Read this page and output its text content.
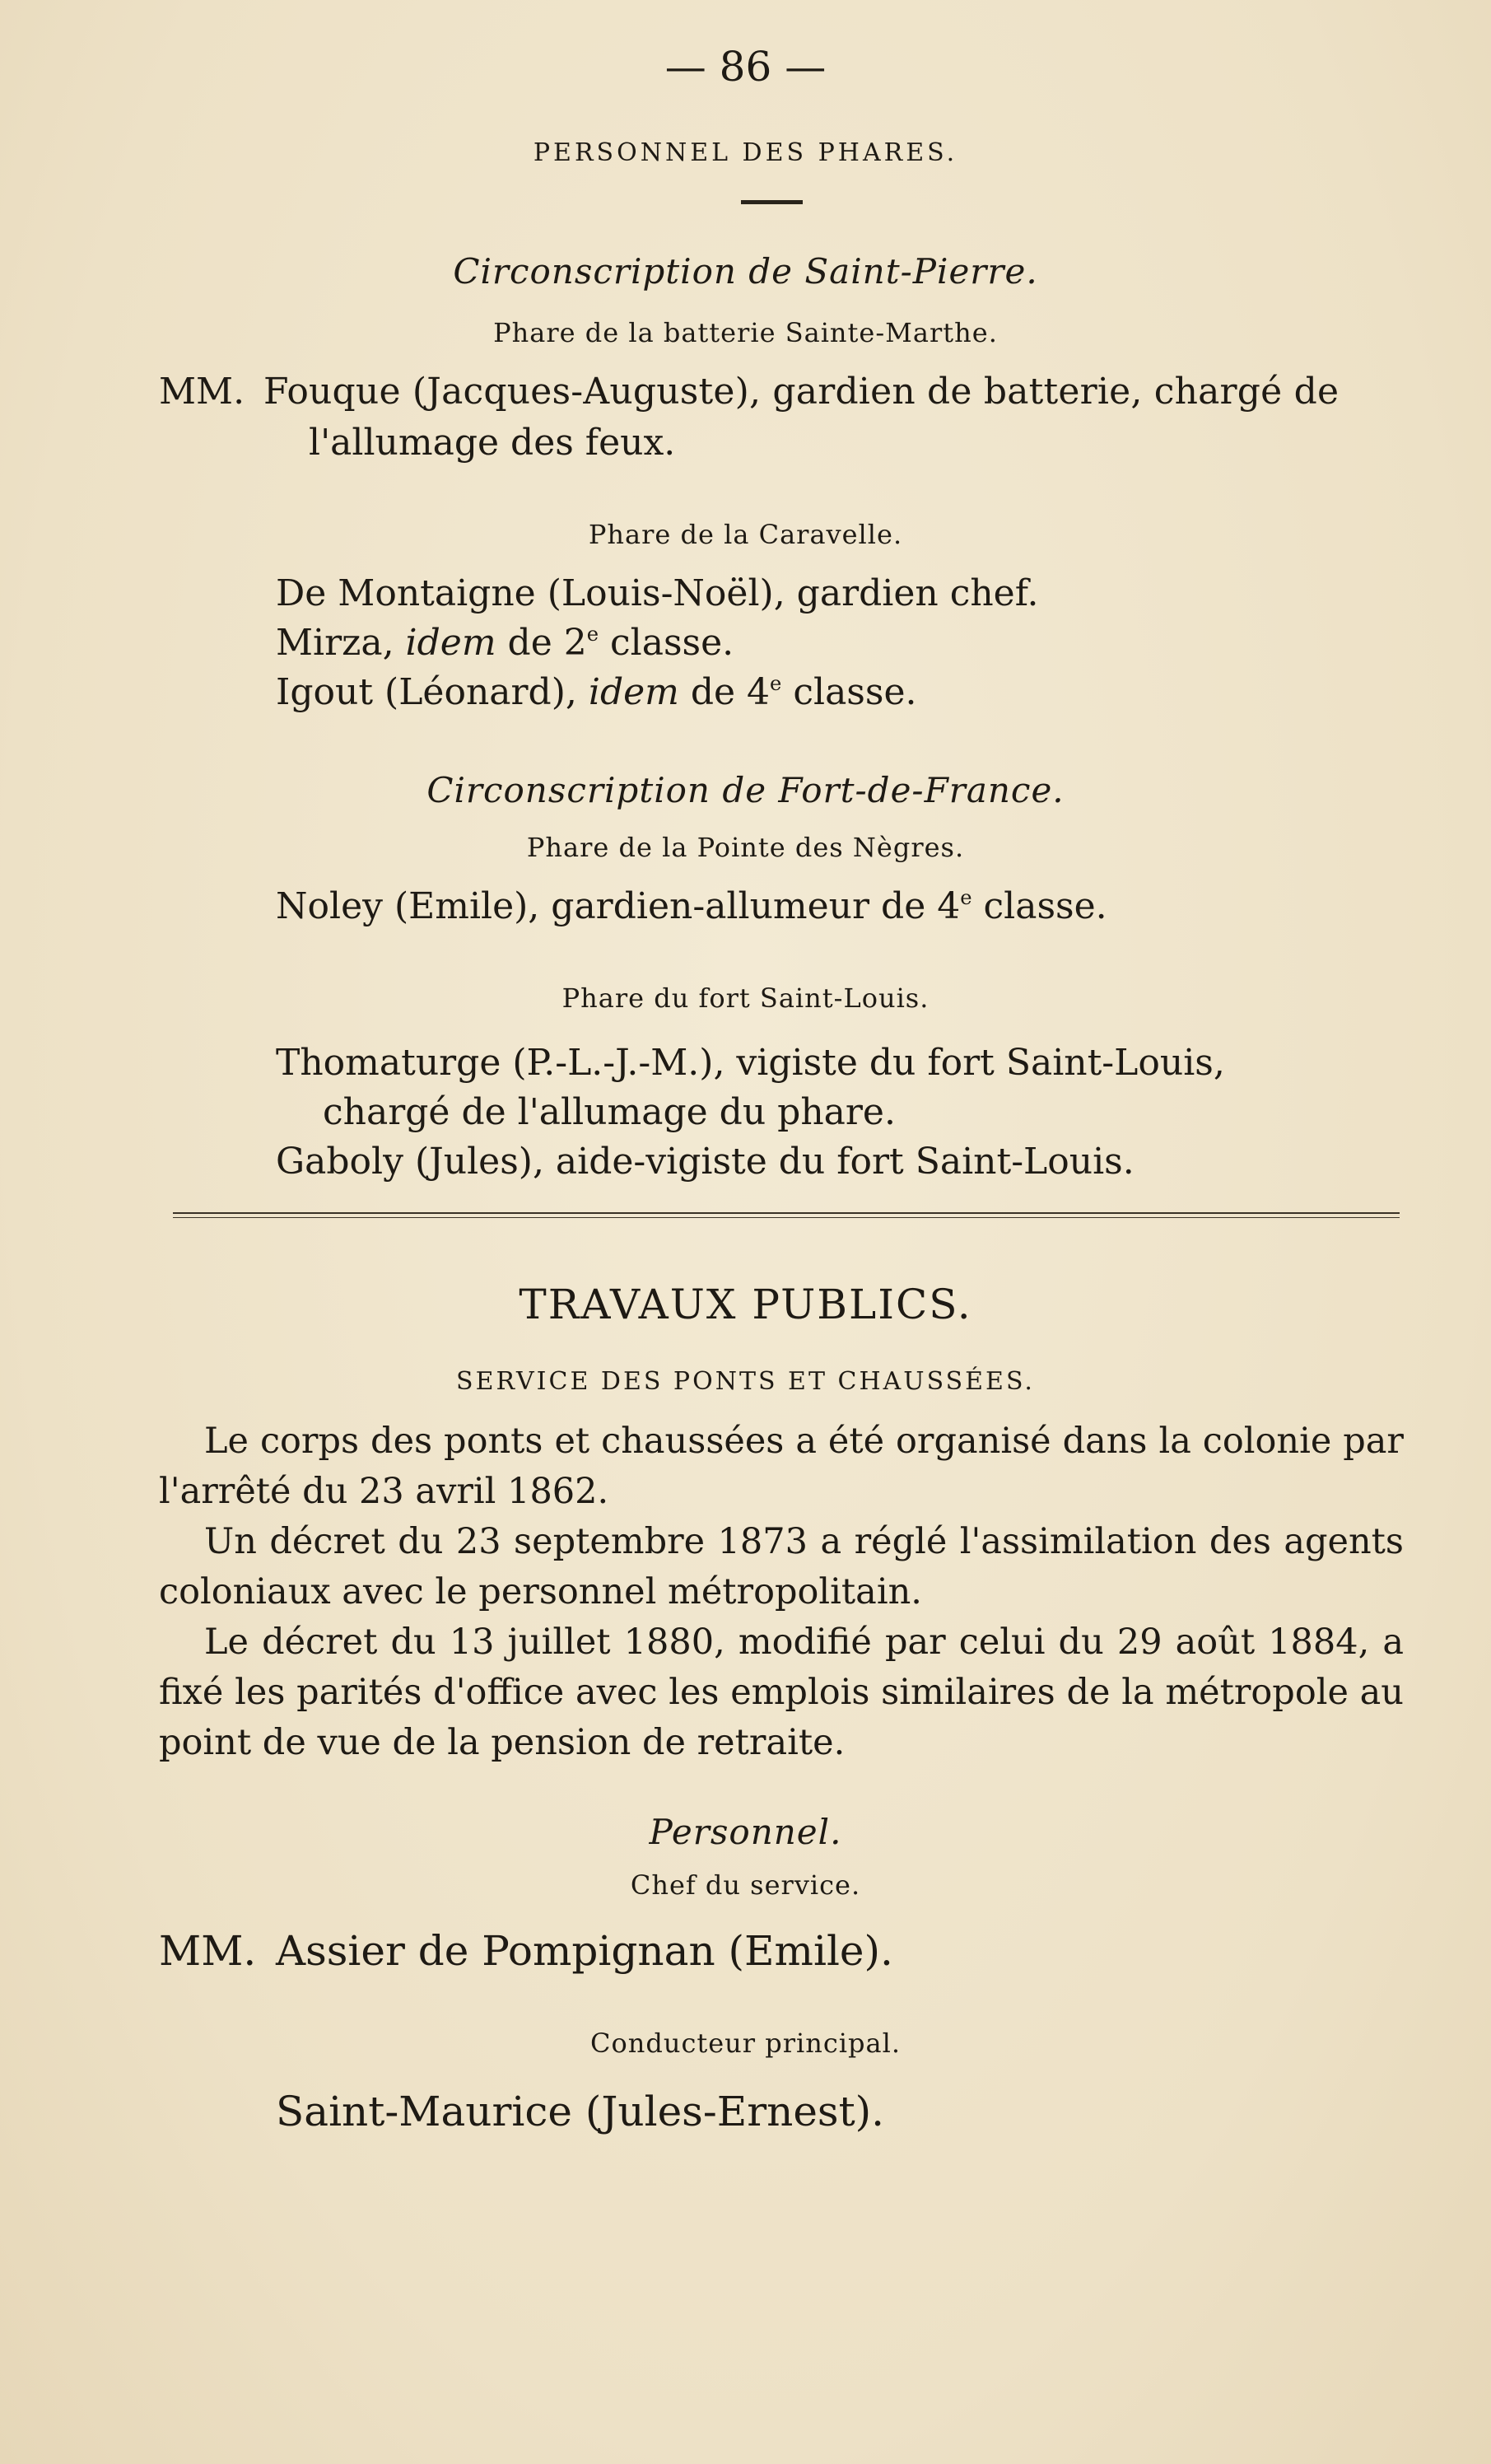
— 86 —
PERSONNEL DES PHARES.
Circonscription de Saint-Pierre.
Phare de la batterie Sainte-Marthe.
MM. Fouque (Jacques-Auguste), gardien de batterie, chargé de
l'allumage des feux.
Phare de la Caravelle.
De Montaigne (Louis-Noël), gardien chef.
Mirza, idem de 2e classe.
Igout (Léonard), idem de 4e classe.
Circonscription de Fort-de-France.
Phare de la Pointe des Nègres.
Noley (Emile), gardien-allumeur de 4e classe.
Phare du fort Saint-Louis.
Thomaturge (P.-L.-J.-M.), vigiste du fort Saint-Louis,
chargé de l'allumage du phare.
Gaboly (Jules), aide-vigiste du fort Saint-Louis.
TRAVAUX PUBLICS.
SERVICE DES PONTS ET CHAUSSÉES.
Le corps des ponts et chaussées a été organisé dans la colonie par l'arrêté du 23 avril 1862.
Un décret du 23 septembre 1873 a réglé l'assimilation des agents coloniaux avec le personnel métropolitain.
Le décret du 13 juillet 1880, modifié par celui du 29 août 1884, a fixé les parités d'office avec les emplois similaires de la métropole au point de vue de la pension de retraite.
Personnel.
Chef du service.
MM. Assier de Pompignan (Emile).
Conducteur principal.
Saint-Maurice (Jules-Ernest).
